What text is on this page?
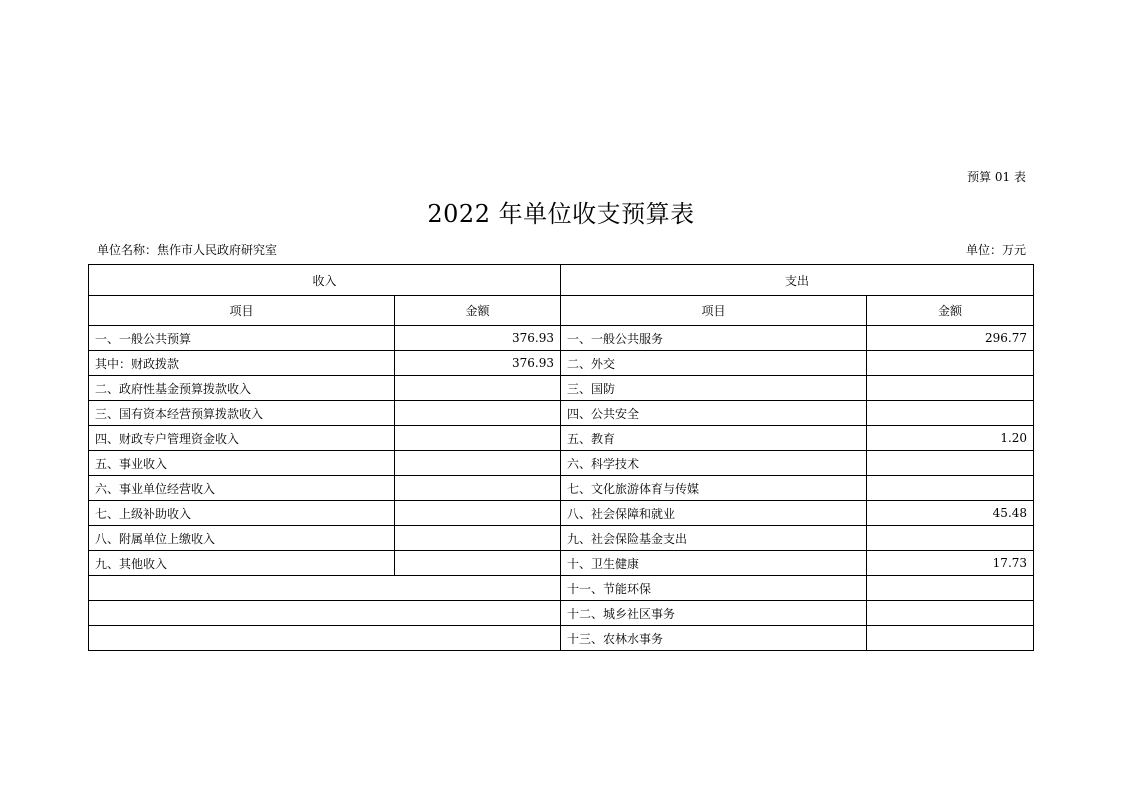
预算 01 表
2022 年单位收支预算表
单位名称：焦作市人民政府研究室	单位：万元
收入		支出	
项目	金额	项目	金额
一、一般公共预算	376.93	一、一般公共服务	296.77
其中：财政拨款	376.93	二、外交	
二、政府性基金预算拨款收入		三、国防	
三、国有资本经营预算拨款收入		四、公共安全	
四、财政专户管理资金收入		五、教育	1.20
五、事业收入		六、科学技术	
六、事业单位经营收入		七、文化旅游体育与传媒	
七、上级补助收入		八、社会保障和就业	45.48
八、附属单位上缴收入		九、社会保险基金支出	
九、其他收入		十、卫生健康	17.73
		十一、节能环保	
		十二、城乡社区事务	
		十三、农林水事务	
